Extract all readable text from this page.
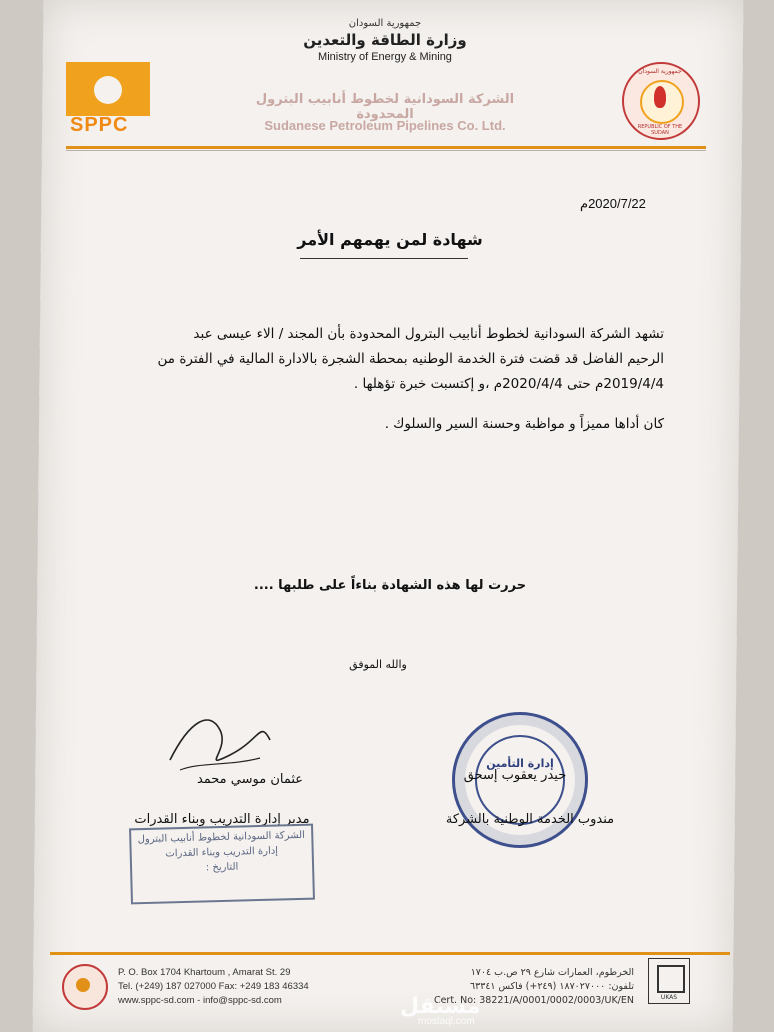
SPPC
جمهورية السودان
وزارة الطاقة والتعدين
Ministry of Energy & Mining
الشركة السودانية لخطوط أنابيب البترول المحدودة
Sudanese Petroleum Pipelines Co. Ltd.
جمهورية السودان
REPUBLIC OF THE SUDAN
2020/7/22م
شهادة لمن يهمهم الأمر

تشهد الشركة السودانية لخطوط أنابيب البترول المحدودة بأن المجند / الاء عيسى عبد

الرحيم الفاضل قد قضت فترة الخدمة الوطنيه بمحطة الشجرة بالادارة المالية في الفترة من

2019/4/4م حتى 2020/4/4م ،و إكتسبت خبرة تؤهلها .

كان أداها مميزاً و مواظبة وحسنة السير والسلوك .

حررت لها هذه الشهادة بناءاً على طلبها ....
والله الموفق
عثمان موسي محمد
مدير إدارة التدريب وبناء القدرات
إدارة التأمين
حيدر يعقوب إسحق
مندوب الخدمة الوطنية بالشركة
الشركة السودانية لخطوط أنابيب البترول
إدارة التدريب وبناء القدرات
التاريخ :
P. O. Box 1704 Khartoum , Amarat St. 29
Tel. (+249) 187 027000 Fax: +249 183 46334
www.sppc-sd.com - info@sppc-sd.com
الخرطوم، العمارات شارع ٢٩ ص.ب ١٧٠٤
تلفون: ١٨٧٠٢٧٠٠٠ (٢٤٩+) فاكس ٦٣٣٤١
Cert. No: 38221/A/0001/0002/0003/UK/EN	UKAS
مستقل
mostaql.com
